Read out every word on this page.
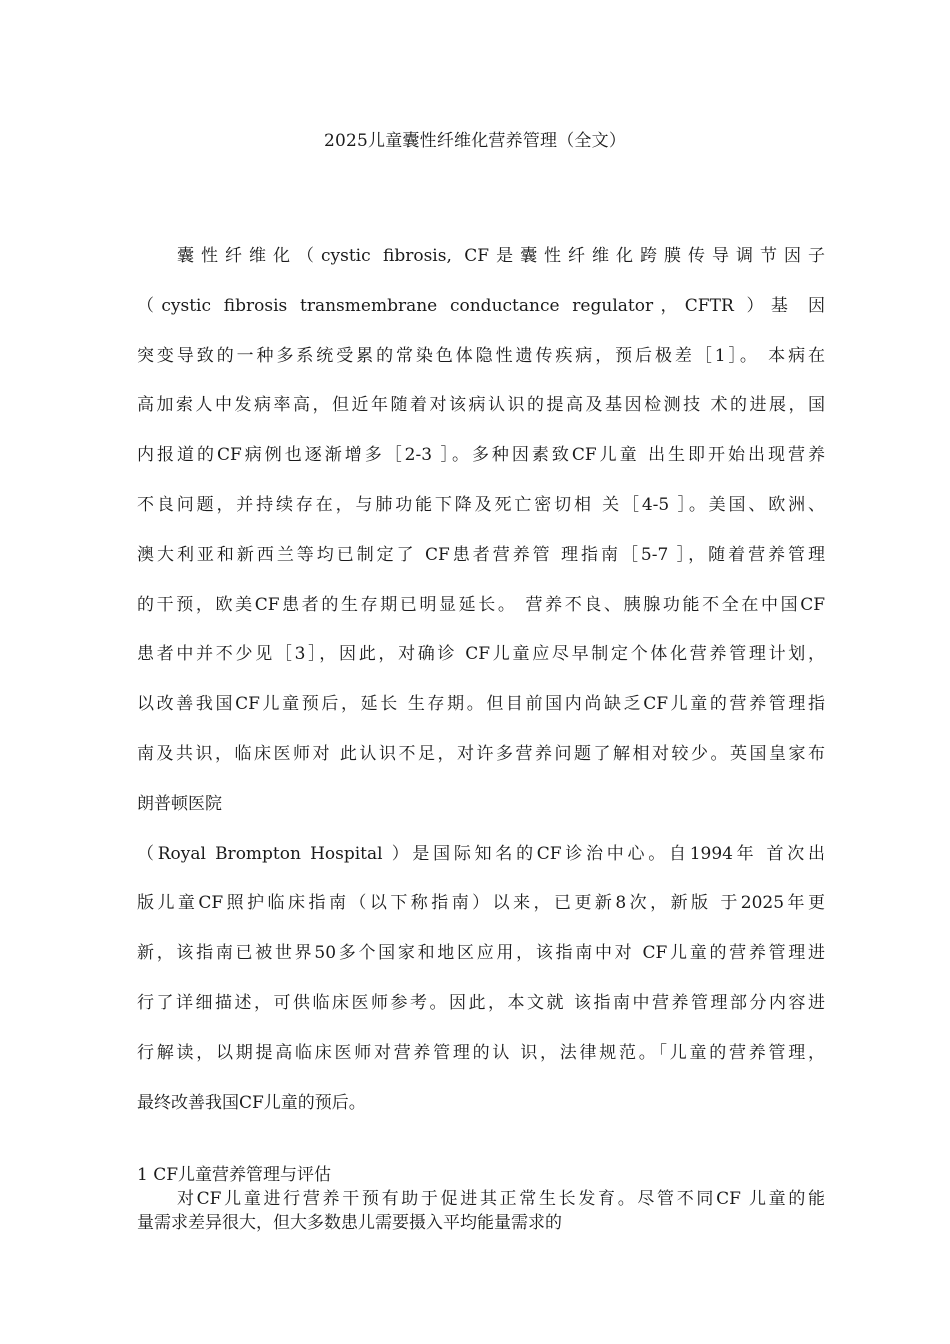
2025儿童囊性纤维化营养管理（全文）
囊性纤维化（cystic fibrosis, CF是囊性纤维化跨膜传导调节因子
（cystic fibrosis transmembrane conductance regulator，CFTR ）基 因
突变导致的一种多系统受累的常染色体隐性遗传疾病，预后极差［1］。 本病在
高加索人中发病率高，但近年随着对该病认识的提高及基因检测技 术的进展，国
内报道的CF病例也逐渐增多［2-3 ］。多种因素致CF儿童 出生即开始出现营养
不良问题，并持续存在，与肺功能下降及死亡密切相 关［4-5 ］。美国、欧洲、
澳大利亚和新西兰等均已制定了 CF患者营养管 理指南［5-7 ］，随着营养管理
的干预，欧美CF患者的生存期已明显延长。 营养不良、胰腺功能不全在中国CF
患者中并不少见［3］，因此，对确诊 CF儿童应尽早制定个体化营养管理计划，
以改善我国CF儿童预后，延长 生存期。但目前国内尚缺乏CF儿童的营养管理指
南及共识，临床医师对 此认识不足，对许多营养问题了解相对较少。英国皇家布
朗普顿医院
（Royal Brompton Hospital ）是国际知名的CF诊治中心。自1994年 首次出
版儿童CF照护临床指南（以下称指南）以来，已更新8次，新版 于2025年更
新，该指南已被世界50多个国家和地区应用，该指南中对 CF儿童的营养管理进
行了详细描述，可供临床医师参考。因此，本文就 该指南中营养管理部分内容进
行解读，以期提高临床医师对营养管理的认 识，法律规范。「儿童的营养管理，
最终改善我国CF儿童的预后。
1 CF儿童营养管理与评估
对CF儿童进行营养干预有助于促进其正常生长发育。尽管不同CF 儿童的能
量需求差异很大，但大多数患儿需要摄入平均能量需求的
